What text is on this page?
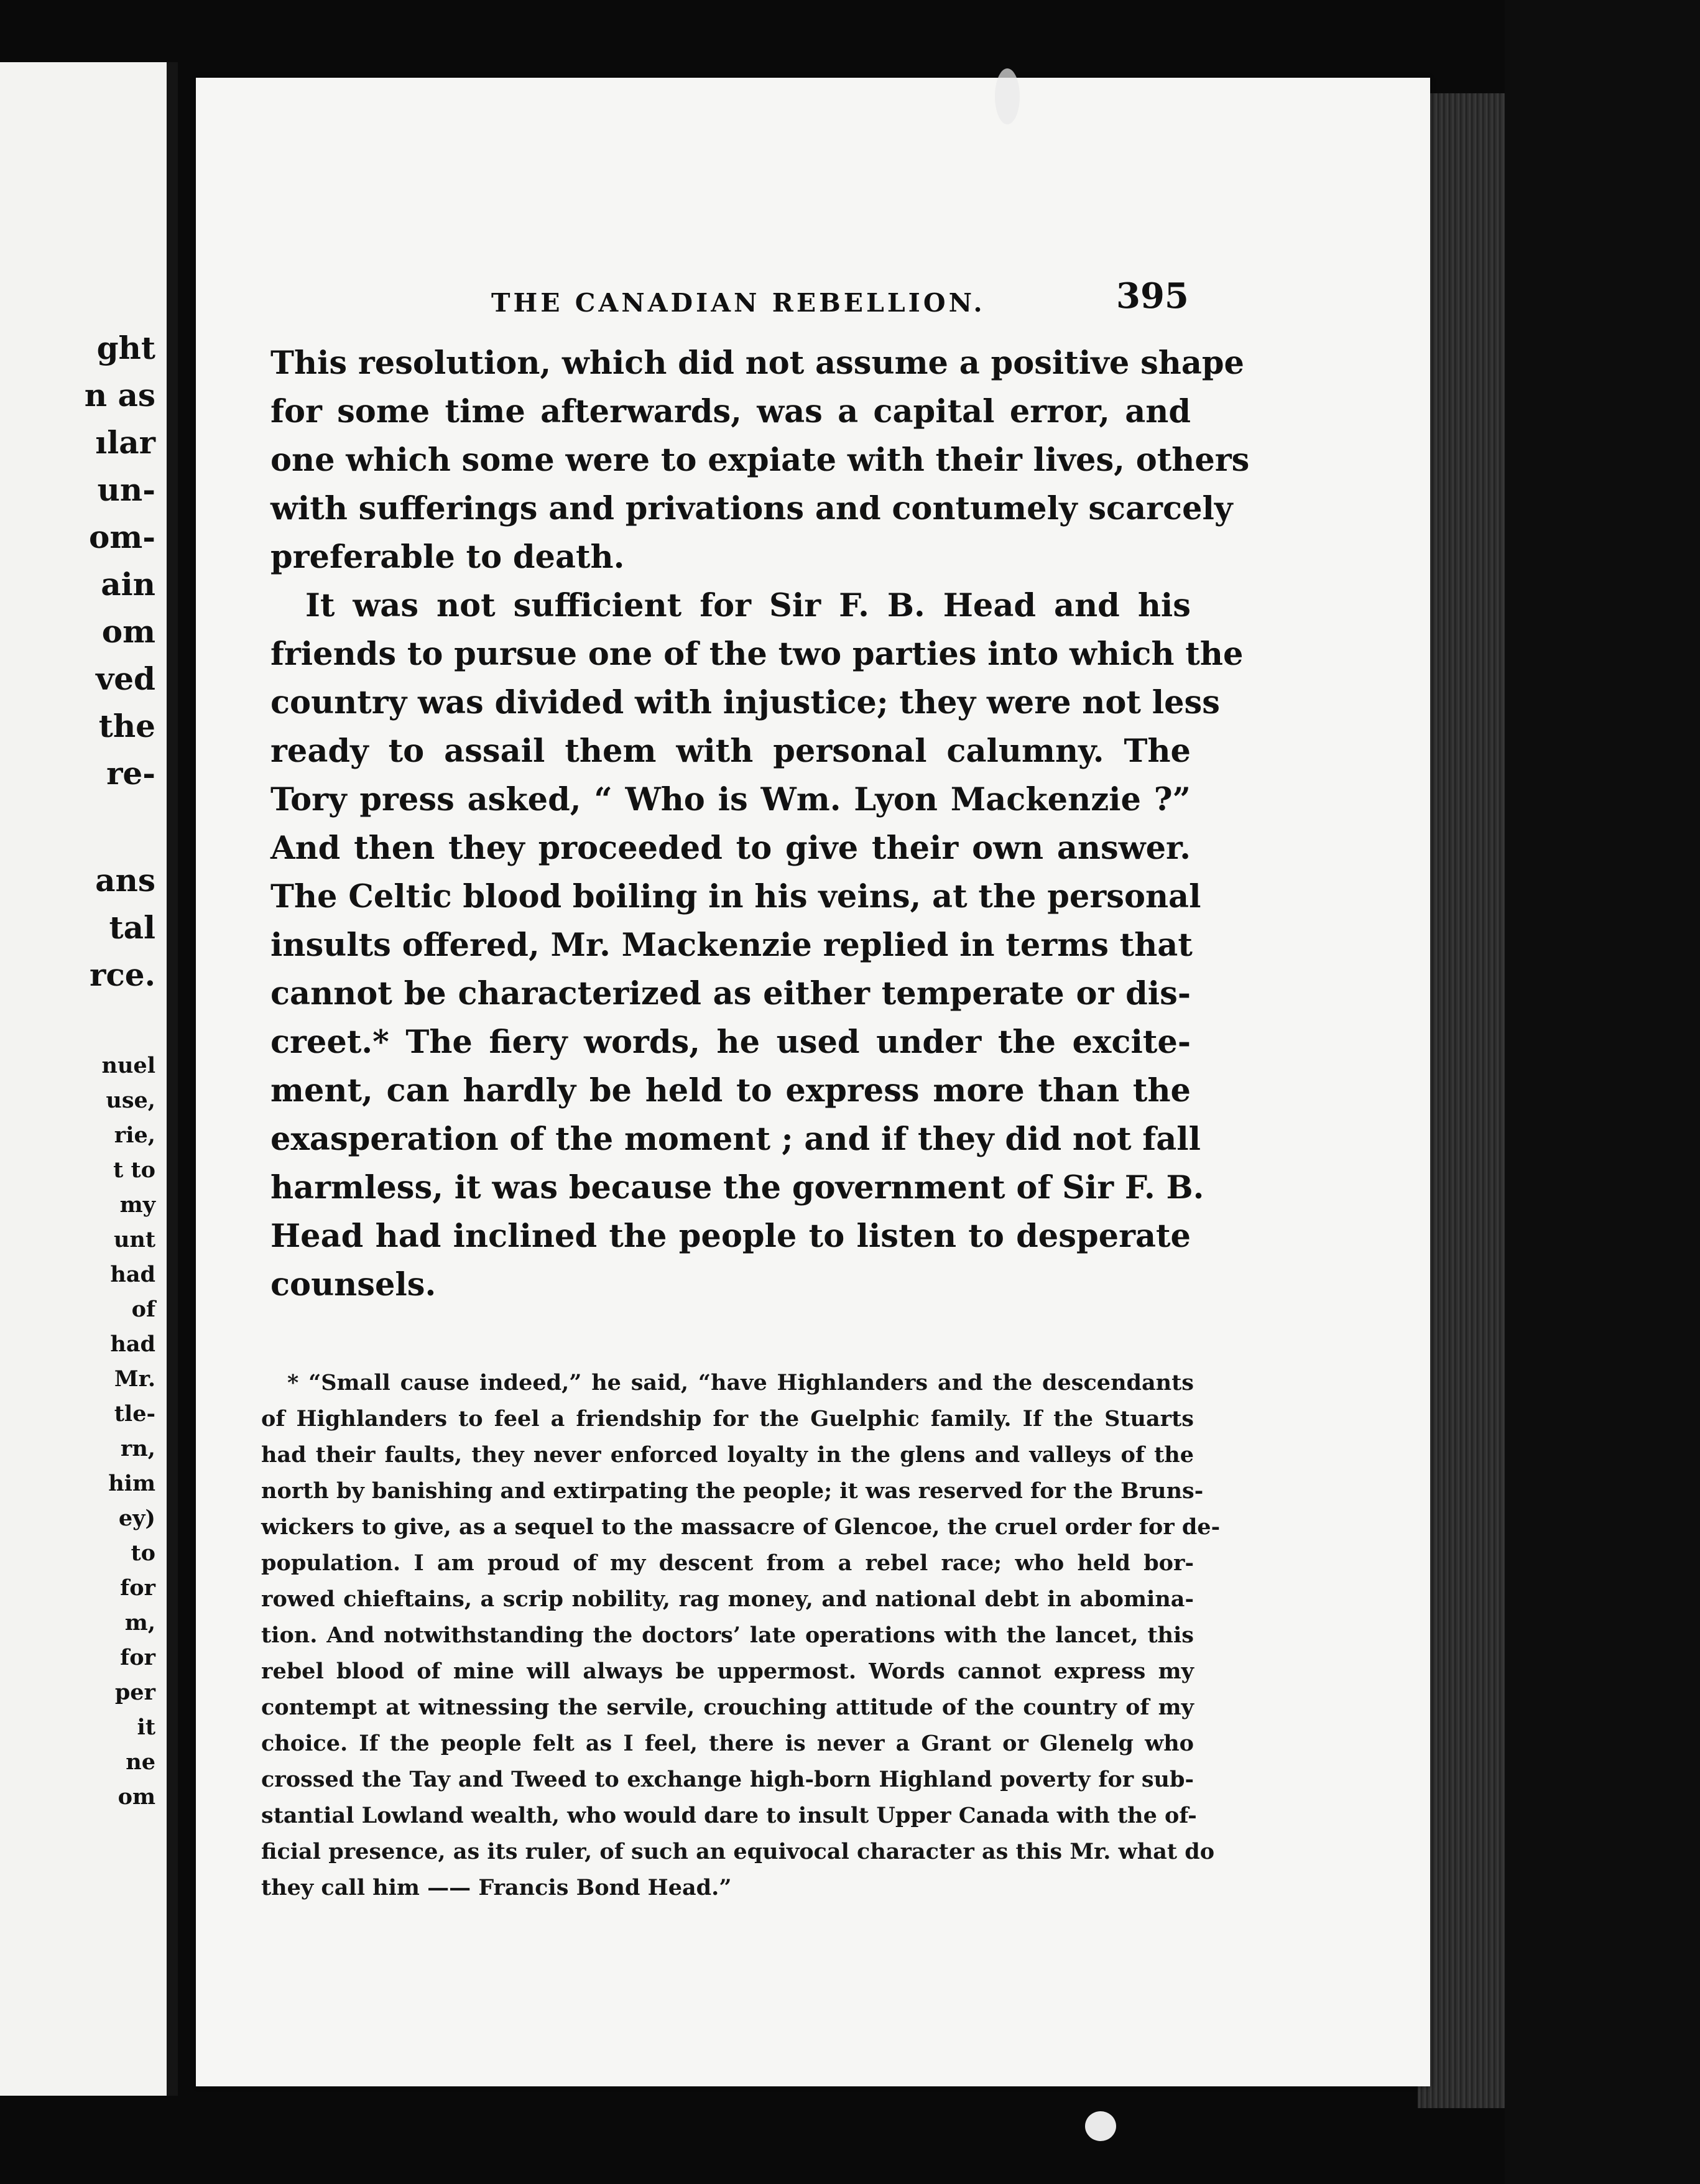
ght
n as
ılar
un-
om-
ain
om
ved
the
re-
ans
tal
rce.
nuel
use,
rie,
t to
my
unt
had
of
had
Mr.
tle-
rn,
him
ey)
to
for
m,
for
per
it
ne
om
THE CANADIAN REBELLION.	395
This resolution, which did not assume a positive shape
for some time afterwards, was a capital error, and
one which some were to expiate with their lives, others
with sufferings and privations and contumely scarcely
preferable to death.
It was not sufficient for Sir F. B. Head and his
friends to pursue one of the two parties into which the
country was divided with injustice; they were not less
ready to assail them with personal calumny. The
Tory press asked, “ Who is Wm. Lyon Mackenzie ?”
And then they proceeded to give their own answer.
The Celtic blood boiling in his veins, at the personal
insults offered, Mr. Mackenzie replied in terms that
cannot be characterized as either temperate or dis-
creet.* The fiery words, he used under the excite-
ment, can hardly be held to express more than the
exasperation of the moment ; and if they did not fall
harmless, it was because the government of Sir F. B.
Head had inclined the people to listen to desperate
counsels.
* “Small cause indeed,” he said, “have Highlanders and the descendants
of Highlanders to feel a friendship for the Guelphic family. If the Stuarts
had their faults, they never enforced loyalty in the glens and valleys of the
north by banishing and extirpating the people; it was reserved for the Bruns-
wickers to give, as a sequel to the massacre of Glencoe, the cruel order for de-
population. I am proud of my descent from a rebel race; who held bor-
rowed chieftains, a scrip nobility, rag money, and national debt in abomina-
tion. And notwithstanding the doctors’ late operations with the lancet, this
rebel blood of mine will always be uppermost. Words cannot express my
contempt at witnessing the servile, crouching attitude of the country of my
choice. If the people felt as I feel, there is never a Grant or Glenelg who
crossed the Tay and Tweed to exchange high-born Highland poverty for sub-
stantial Lowland wealth, who would dare to insult Upper Canada with the of-
ficial presence, as its ruler, of such an equivocal character as this Mr. what do
they call him —— Francis Bond Head.”
